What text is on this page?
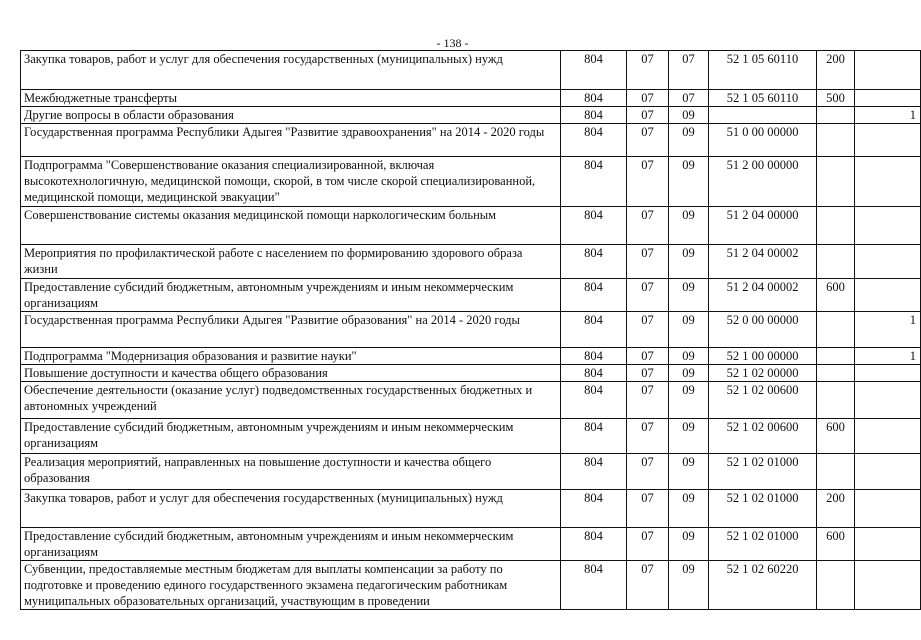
- 138 -
Закупка товаров, работ и услуг для обеспечения государственных (муниципальных) нужд	804	07	07	52 1 05 60110	200	
Межбюджетные трансферты	804	07	07	52 1 05 60110	500	
Другие вопросы в области образования	804	07	09			1
Государственная программа Республики Адыгея "Развитие здравоохранения" на 2014 - 2020 годы	804	07	09	51 0 00 00000		
Подпрограмма "Совершенствование оказания специализированной, включая высокотехнологичную, медицинской помощи, скорой, в том числе скорой специализированной, медицинской помощи, медицинской эвакуации"	804	07	09	51 2 00 00000		
Совершенствование системы оказания медицинской помощи наркологическим больным	804	07	09	51 2 04 00000		
Мероприятия по профилактической работе с населением по формированию здорового образа жизни	804	07	09	51 2 04 00002		
Предоставление субсидий бюджетным, автономным учреждениям и иным некоммерческим организациям	804	07	09	51 2 04 00002	600	
Государственная программа Республики Адыгея "Развитие образования" на 2014 - 2020 годы	804	07	09	52 0 00 00000		1
Подпрограмма "Модернизация образования и развитие науки"	804	07	09	52 1 00 00000		1
Повышение доступности и качества общего образования	804	07	09	52 1 02 00000		
Обеспечение деятельности (оказание услуг) подведомственных государственных бюджетных и автономных учреждений	804	07	09	52 1 02 00600		
Предоставление субсидий бюджетным, автономным учреждениям и иным некоммерческим организациям	804	07	09	52 1 02 00600	600	
Реализация мероприятий, направленных на повышение доступности и качества общего образования	804	07	09	52 1 02 01000		
Закупка товаров, работ и услуг для обеспечения государственных (муниципальных) нужд	804	07	09	52 1 02 01000	200	
Предоставление субсидий бюджетным, автономным учреждениям и иным некоммерческим организациям	804	07	09	52 1 02 01000	600	
Субвенции, предоставляемые местным бюджетам для выплаты компенсации за работу по подготовке и проведению единого государственного экзамена педагогическим работникам муниципальных образовательных организаций, участвующим в проведении	804	07	09	52 1 02 60220		
